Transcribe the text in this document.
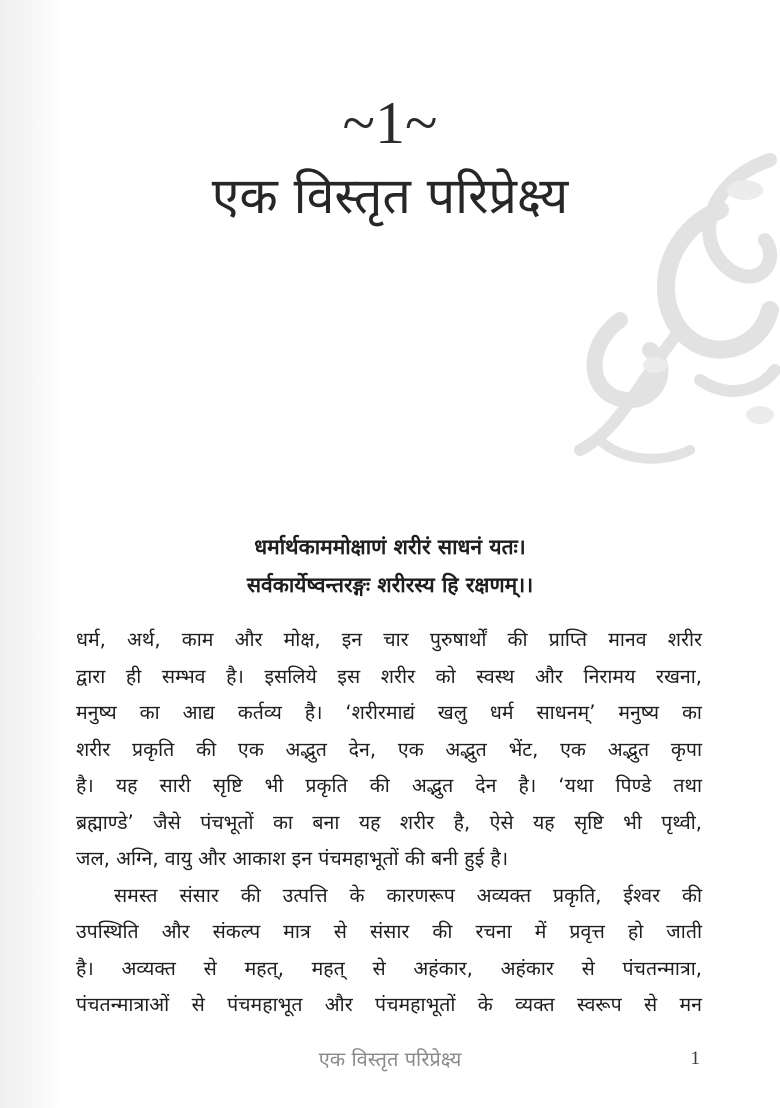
~1~
एक विस्तृत परिप्रेक्ष्य
धर्मार्थकाममोक्षाणं शरीरं साधनं यतः।
सर्वकार्येष्वन्तरङ्गः शरीरस्य हि रक्षणम्।।
धर्म, अर्थ, काम और मोक्ष, इन चार पुरुषार्थों की प्राप्ति मानव शरीर
द्वारा ही सम्भव है। इसलिये इस शरीर को स्वस्थ और निरामय रखना,
मनुष्य का आद्य कर्तव्य है। ‘शरीरमाद्यं खलु धर्म साधनम्’ मनुष्य का
शरीर प्रकृति की एक अद्भुत देन, एक अद्भुत भेंट, एक अद्भुत कृपा
है। यह सारी सृष्टि भी प्रकृति की अद्भुत देन है। ‘यथा पिण्डे तथा
ब्रह्माण्डे’ जैसे पंचभूतों का बना यह शरीर है, ऐसे यह सृष्टि भी पृथ्वी,
जल, अग्नि, वायु और आकाश इन पंचमहाभूतों की बनी हुई है।
समस्त संसार की उत्पत्ति के कारणरूप अव्यक्त प्रकृति, ईश्वर की
उपस्थिति और संकल्प मात्र से संसार की रचना में प्रवृत्त हो जाती
है। अव्यक्त से महत्, महत् से अहंकार, अहंकार से पंचतन्मात्रा,
पंचतन्मात्राओं से पंचमहाभूत और पंचमहाभूतों के व्यक्त स्वरूप से मन
एक विस्तृत परिप्रेक्ष्य	1
